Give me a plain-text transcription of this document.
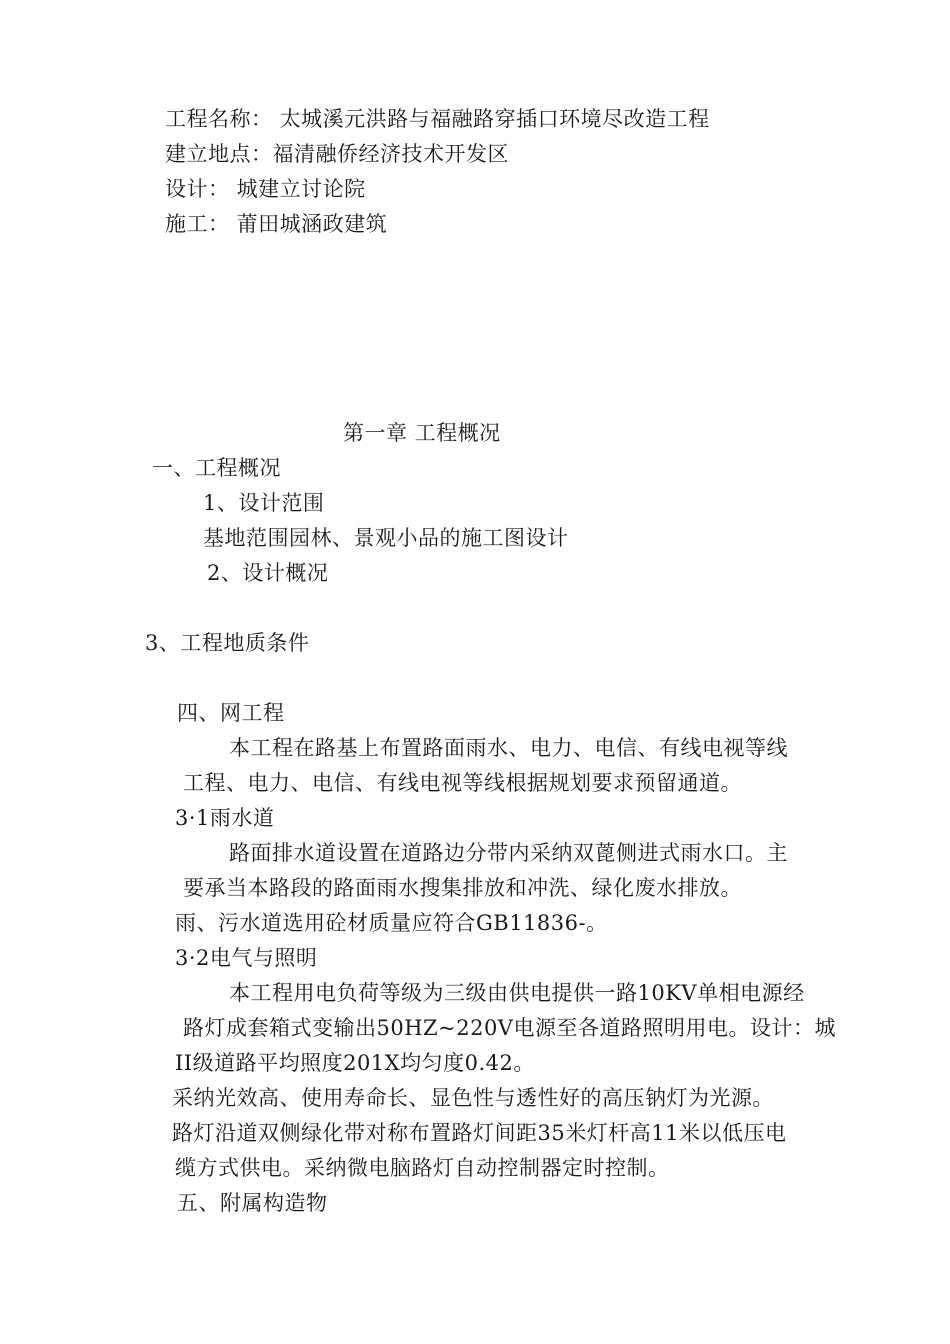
工程名称： 太城溪元洪路与福融路穿插口环境尽改造工程
建立地点：福清融侨经济技术开发区
设计： 城建立讨论院
施工： 莆田城涵政建筑
第一章 工程概况
一、工程概况
1、设计范围
基地范围园林、景观小品的施工图设计
2、设计概况
3、工程地质条件
四、网工程
本工程在路基上布置路面雨水、电力、电信、有线电视等线
工程、电力、电信、有线电视等线根据规划要求预留通道。
3·1雨水道
路面排水道设置在道路边分带内采纳双蓖侧进式雨水口。主
要承当本路段的路面雨水搜集排放和冲洗、绿化废水排放。
雨、污水道选用砼材质量应符合GB11836-。
3·2电气与照明
本工程用电负荷等级为三级由供电提供一路10KV单相电源经
路灯成套箱式变输出50HZ~220V电源至各道路照明用电。设计：城
ⅠⅠ级道路平均照度201X均匀度0.42。
采纳光效高、使用寿命长、显色性与透性好的高压钠灯为光源。
路灯沿道双侧绿化带对称布置路灯间距35米灯杆高11米以低压电
缆方式供电。采纳微电脑路灯自动控制器定时控制。
五、附属构造物
